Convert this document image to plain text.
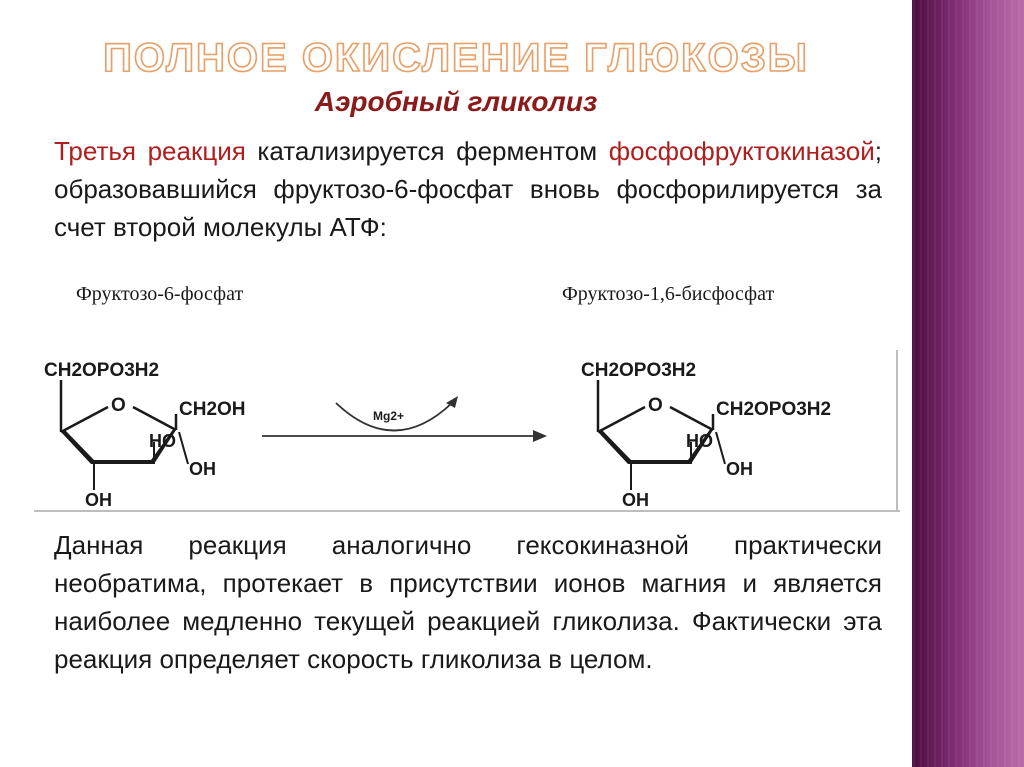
ПОЛНОЕ ОКИСЛЕНИЕ ГЛЮКОЗЫ
Аэробный гликолиз
Третья реакция катализируется ферментом фосфофруктокиназой; образовавшийся фруктозо-6-фосфат вновь фосфорилируется за счет второй молекулы АТФ:
Фруктозо-6-фосфат	Фруктозо-1,6-бисфосфат
CH2OPO3H2
O	CH2OH
HO
OH
OH
Mg2+
CH2OPO3H2
O	CH2OPO3H2
HO
OH
OH
Данная реакция аналогично гексокиназной практически необратима, протекает в присутствии ионов магния и является наиболее медленно текущей реакцией гликолиза. Фактически эта реакция определяет скорость гликолиза в целом.
